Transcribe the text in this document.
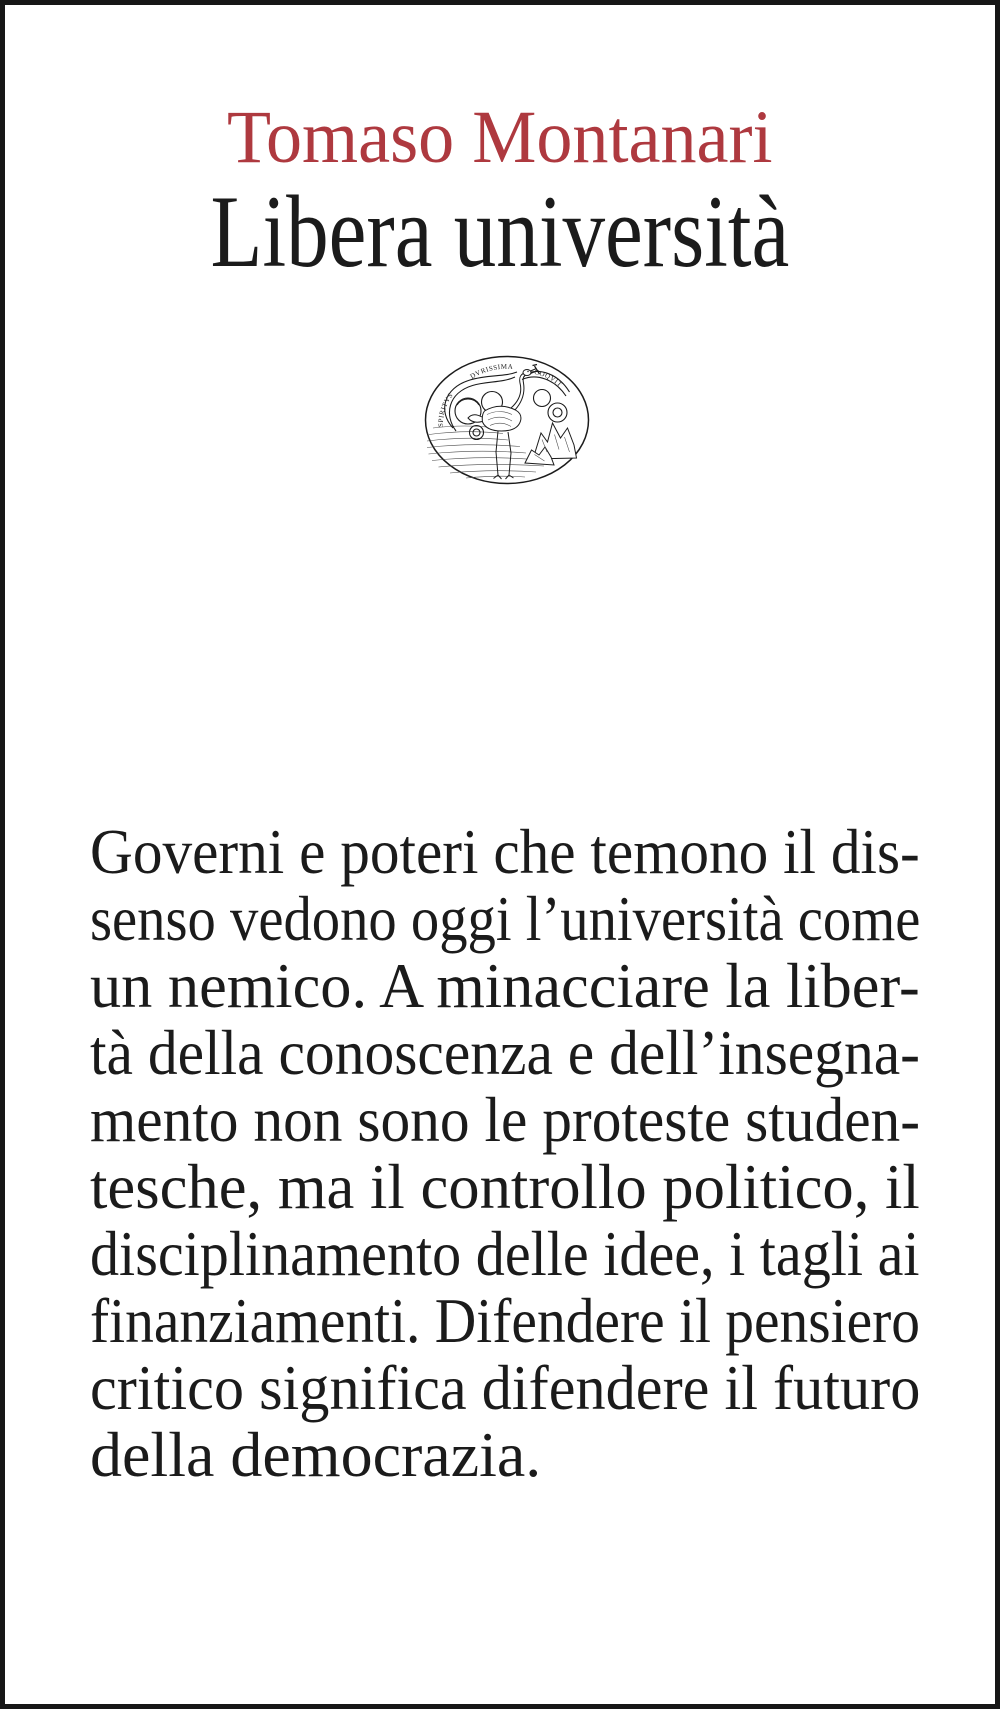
Tomaso Montanari
Libera università
SPIRITVS
DVRISSIMA
COQVIT
Governi e poteri che temono il dis-
senso vedono oggi l’università come
un nemico. A minacciare la liber-
tà della conoscenza e dell’insegna-
mento non sono le proteste studen-
tesche, ma il controllo politico, il
disciplinamento delle idee, i tagli ai
finanziamenti. Difendere il pensiero
critico significa difendere il futuro
della democrazia.
